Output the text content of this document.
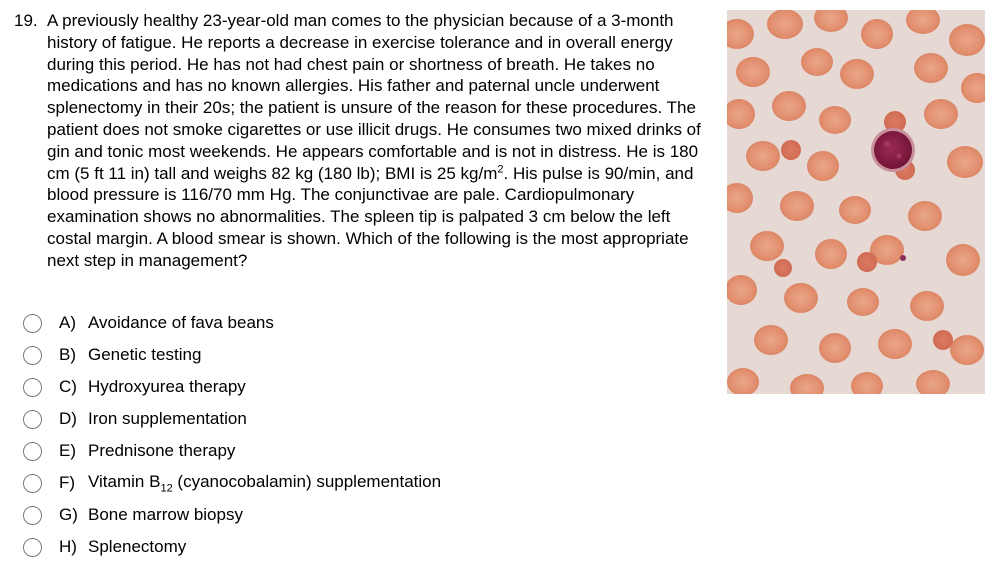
19. A previously healthy 23-year-old man comes to the physician because of a 3-month history of fatigue. He reports a decrease in exercise tolerance and in overall energy during this period. He has not had chest pain or shortness of breath. He takes no medications and has no known allergies. His father and paternal uncle underwent splenectomy in their 20s; the patient is unsure of the reason for these procedures. The patient does not smoke cigarettes or use illicit drugs. He consumes two mixed drinks of gin and tonic most weekends. He appears comfortable and is not in distress. He is 180 cm (5 ft 11 in) tall and weighs 82 kg (180 lb); BMI is 25 $kg/m^2$. His pulse is 90/min, and blood pressure is 116/70 mm Hg. The conjunctivae are pale. Cardiopulmonary examination shows no abnormalities. The spleen tip is palpated 3 cm below the left costal margin. A blood smear is shown. Which of the following is the most appropriate next step in management?
A) Avoidance of fava beans
B) Genetic testing
C) Hydroxyurea therapy
D) Iron supplementation
E) Prednisone therapy
F) Vitamin $B_{12}$ (cyanocobalamin) supplementation
G) Bone marrow biopsy
H) Splenectomy
